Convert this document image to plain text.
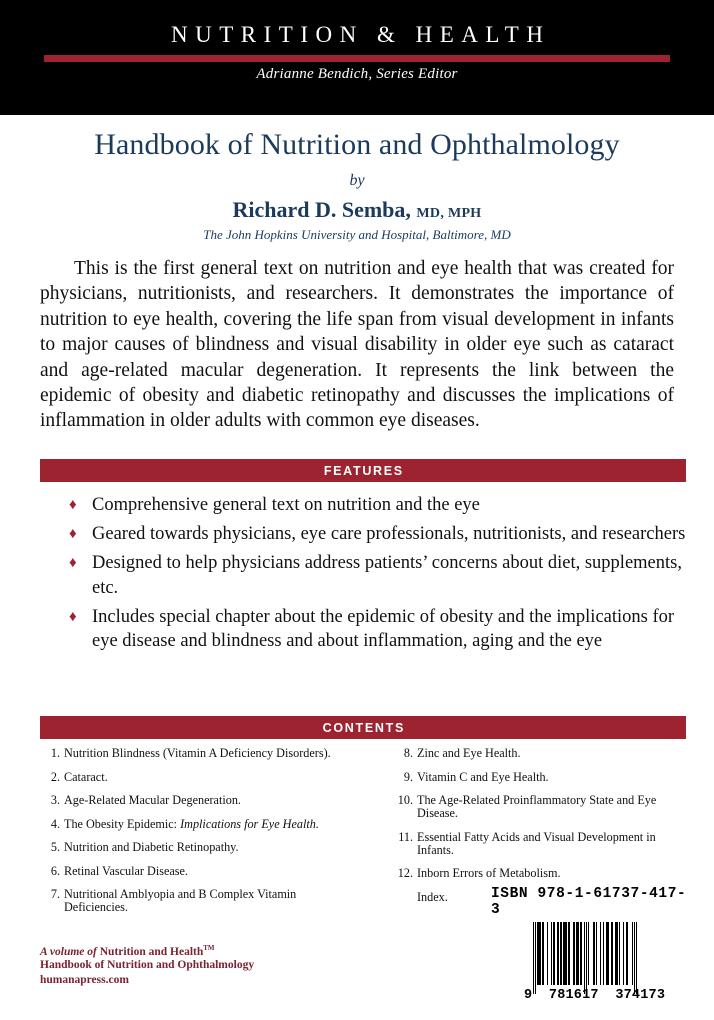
NUTRITION & HEALTH
Adrianne Bendich, Series Editor
Handbook of Nutrition and Ophthalmology
by
Richard D. Semba, MD, MPH
The John Hopkins University and Hospital, Baltimore, MD
This is the first general text on nutrition and eye health that was created for physicians, nutritionists, and researchers. It demonstrates the importance of nutrition to eye health, covering the life span from visual development in infants to major causes of blindness and visual disability in older eye such as cataract and age-related macular degeneration. It represents the link between the epidemic of obesity and diabetic retinopathy and discusses the implications of inflammation in older adults with common eye diseases.
FEATURES
♦ Comprehensive general text on nutrition and the eye
♦ Geared towards physicians, eye care professionals, nutritionists, and researchers
♦ Designed to help physicians address patients’ concerns about diet, supplements, etc.
♦ Includes special chapter about the epidemic of obesity and the implications for eye disease and blindness and about inflammation, aging and the eye
CONTENTS
1. Nutrition Blindness (Vitamin A Deficiency Disorders).
2. Cataract.
3. Age-Related Macular Degeneration.
4. The Obesity Epidemic: Implications for Eye Health.
5. Nutrition and Diabetic Retinopathy.
6. Retinal Vascular Disease.
7. Nutritional Amblyopia and B Complex Vitamin Deficiencies.
8. Zinc and Eye Health.
9. Vitamin C and Eye Health.
10. The Age-Related Proinflammatory State and Eye Disease.
11. Essential Fatty Acids and Visual Development in Infants.
12. Inborn Errors of Metabolism.
Index.	ISBN 978-1-61737-417-3
9  781617  374173
A volume of Nutrition and Health™
Handbook of Nutrition and Ophthalmology
humanapress.com
